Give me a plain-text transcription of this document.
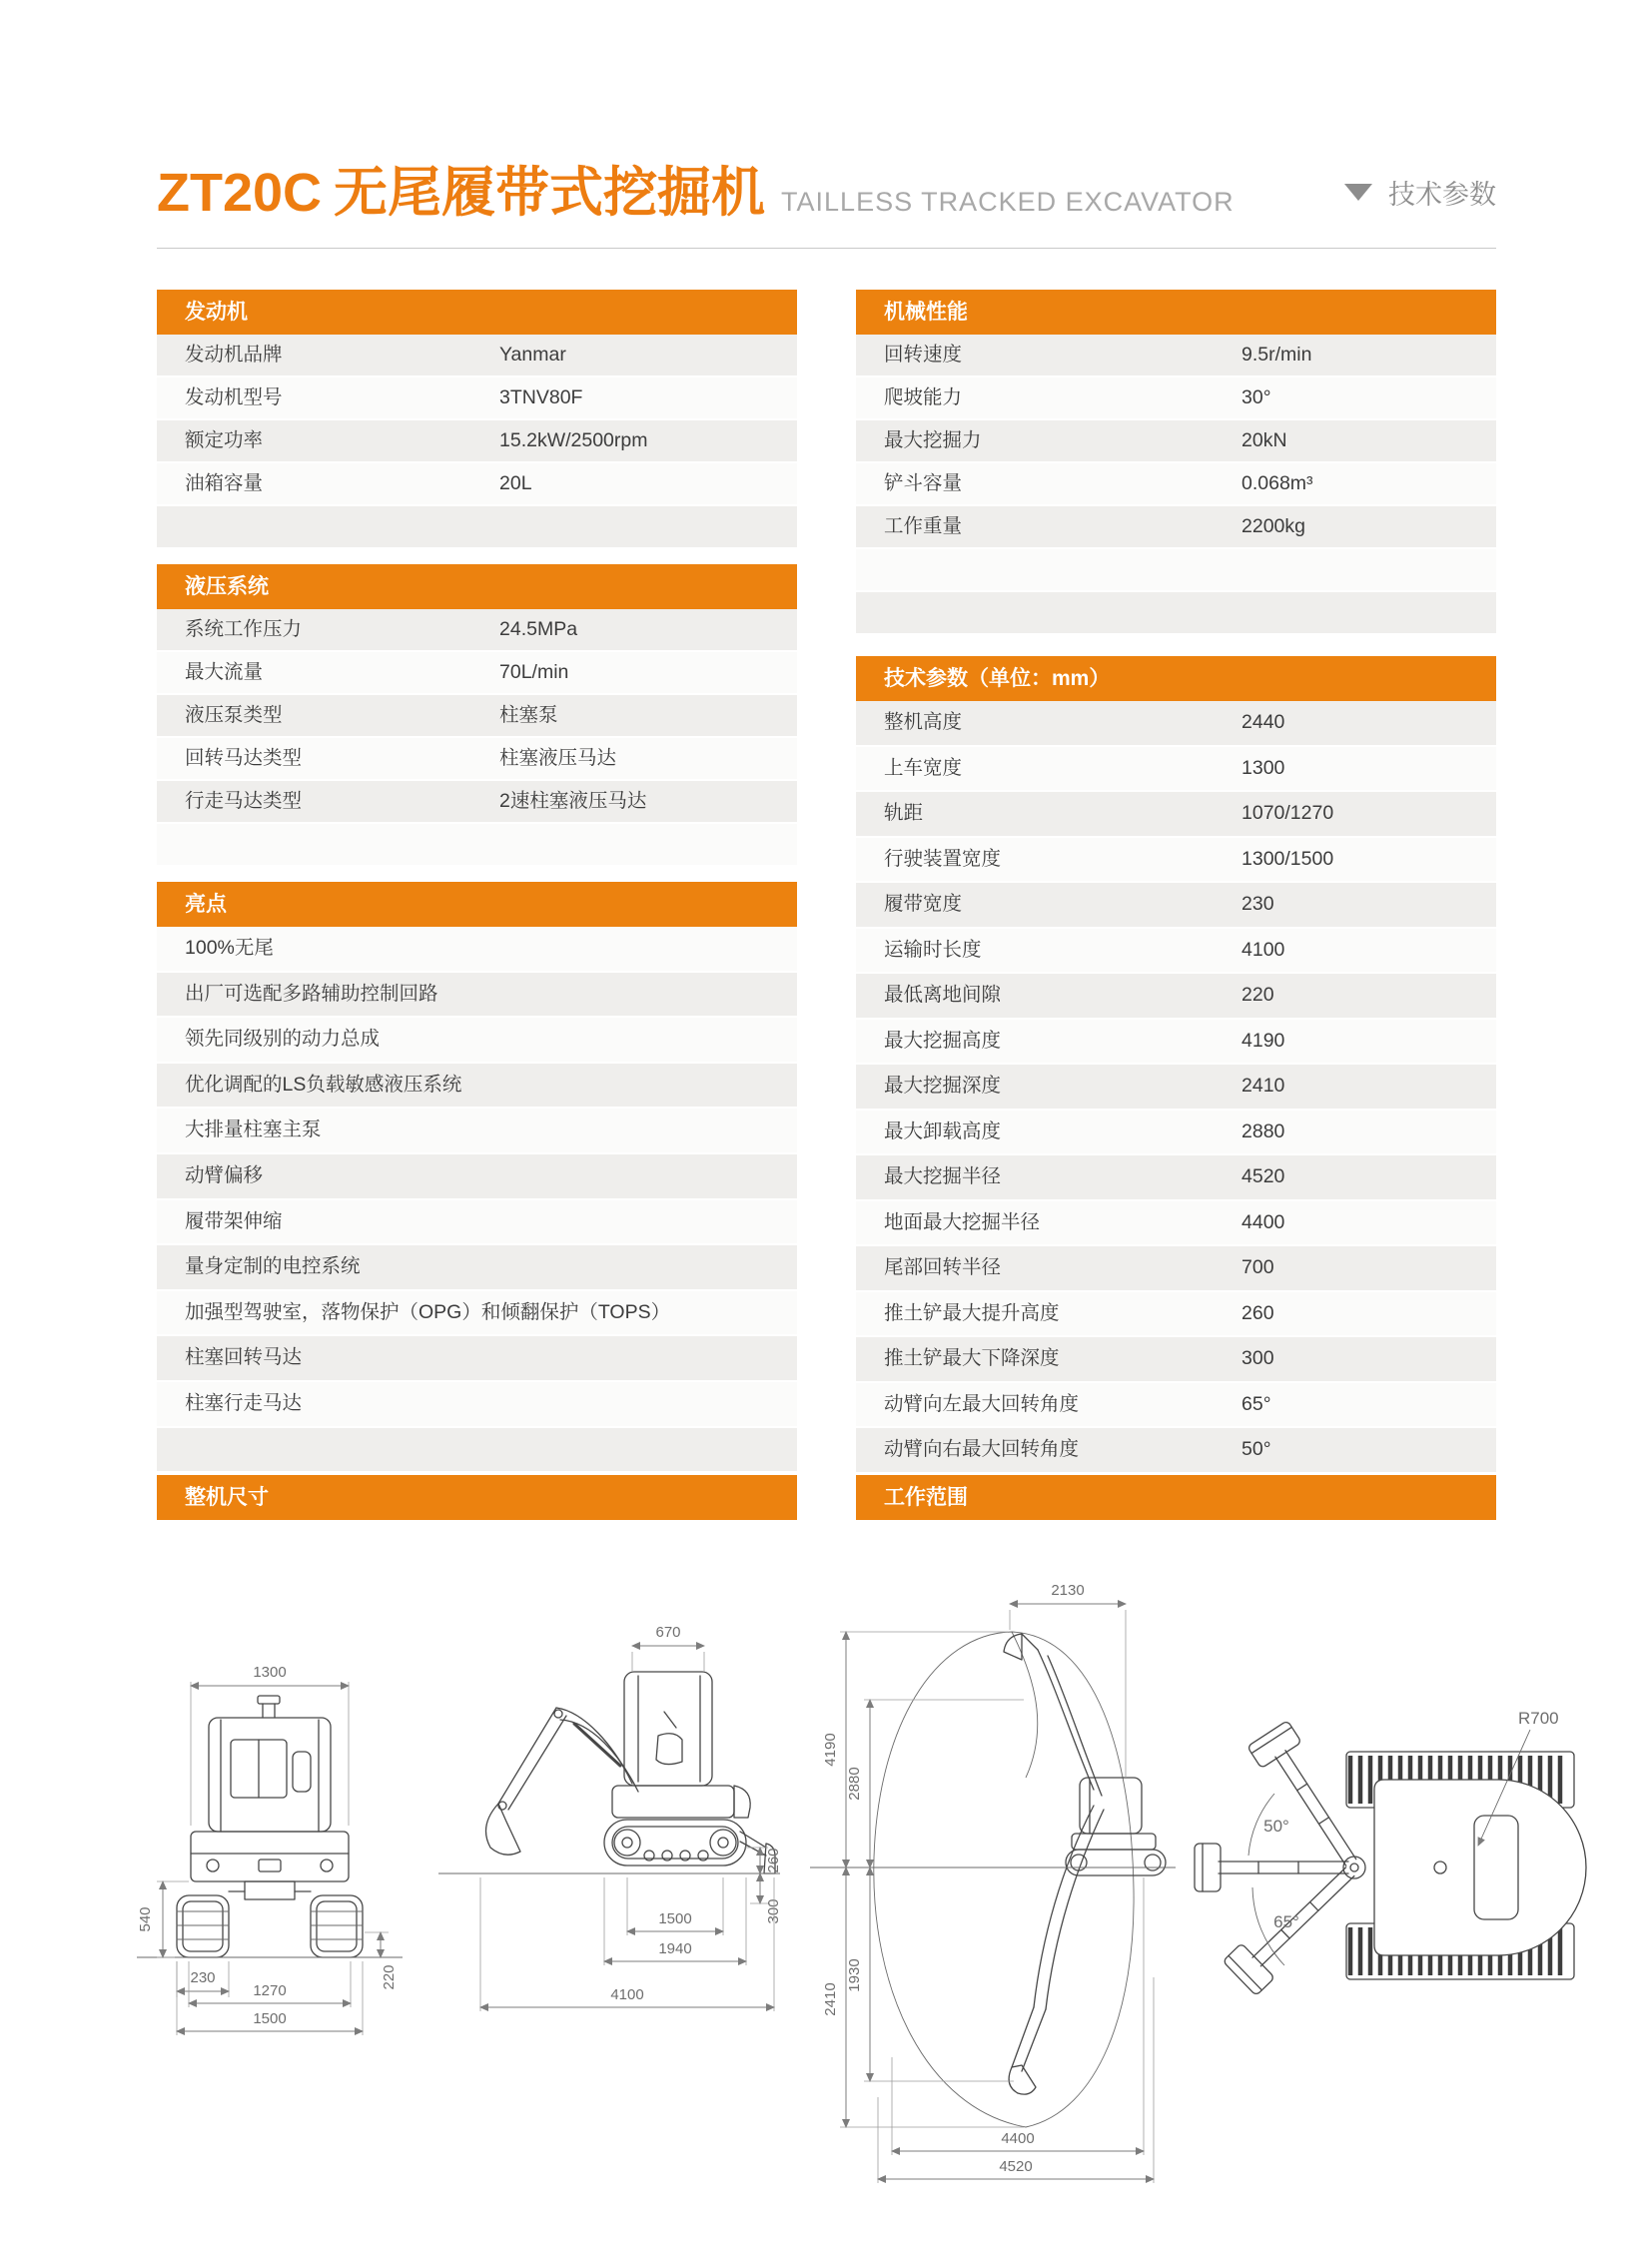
ZT20C 无尾履带式挖掘机 TAILLESS TRACKED EXCAVATOR	技术参数
发动机
发动机品牌	Yanmar
发动机型号	3TNV80F
额定功率	15.2kW/2500rpm
油箱容量	20L
液压系统
系统工作压力	24.5MPa
最大流量	70L/min
液压泵类型	柱塞泵
回转马达类型	柱塞液压马达
行走马达类型	2速柱塞液压马达
亮点
100%无尾
出厂可选配多路辅助控制回路
领先同级别的动力总成
优化调配的LS负载敏感液压系统
大排量柱塞主泵
动臂偏移
履带架伸缩
量身定制的电控系统
加强型驾驶室，落物保护（OPG）和倾翻保护（TOPS）
柱塞回转马达
柱塞行走马达
整机尺寸
机械性能
回转速度	9.5r/min
爬坡能力	30°
最大挖掘力	20kN
铲斗容量	0.068m³
工作重量	2200kg
技术参数（单位：mm）
整机高度	2440
上车宽度	1300
轨距	1070/1270
行驶装置宽度	1300/1500
履带宽度	230
运输时长度	4100
最低离地间隙	220
最大挖掘高度	4190
最大挖掘深度	2410
最大卸载高度	2880
最大挖掘半径	4520
地面最大挖掘半径	4400
尾部回转半径	700
推土铲最大提升高度	260
推土铲最大下降深度	300
动臂向左最大回转角度	65°
动臂向右最大回转角度	50°
工作范围
1300
540
230	220
1270
1500
670
260
300
1500
1940
4100
2130
4190
2880
2410
1930
4400
4520
50°
65°
R700
